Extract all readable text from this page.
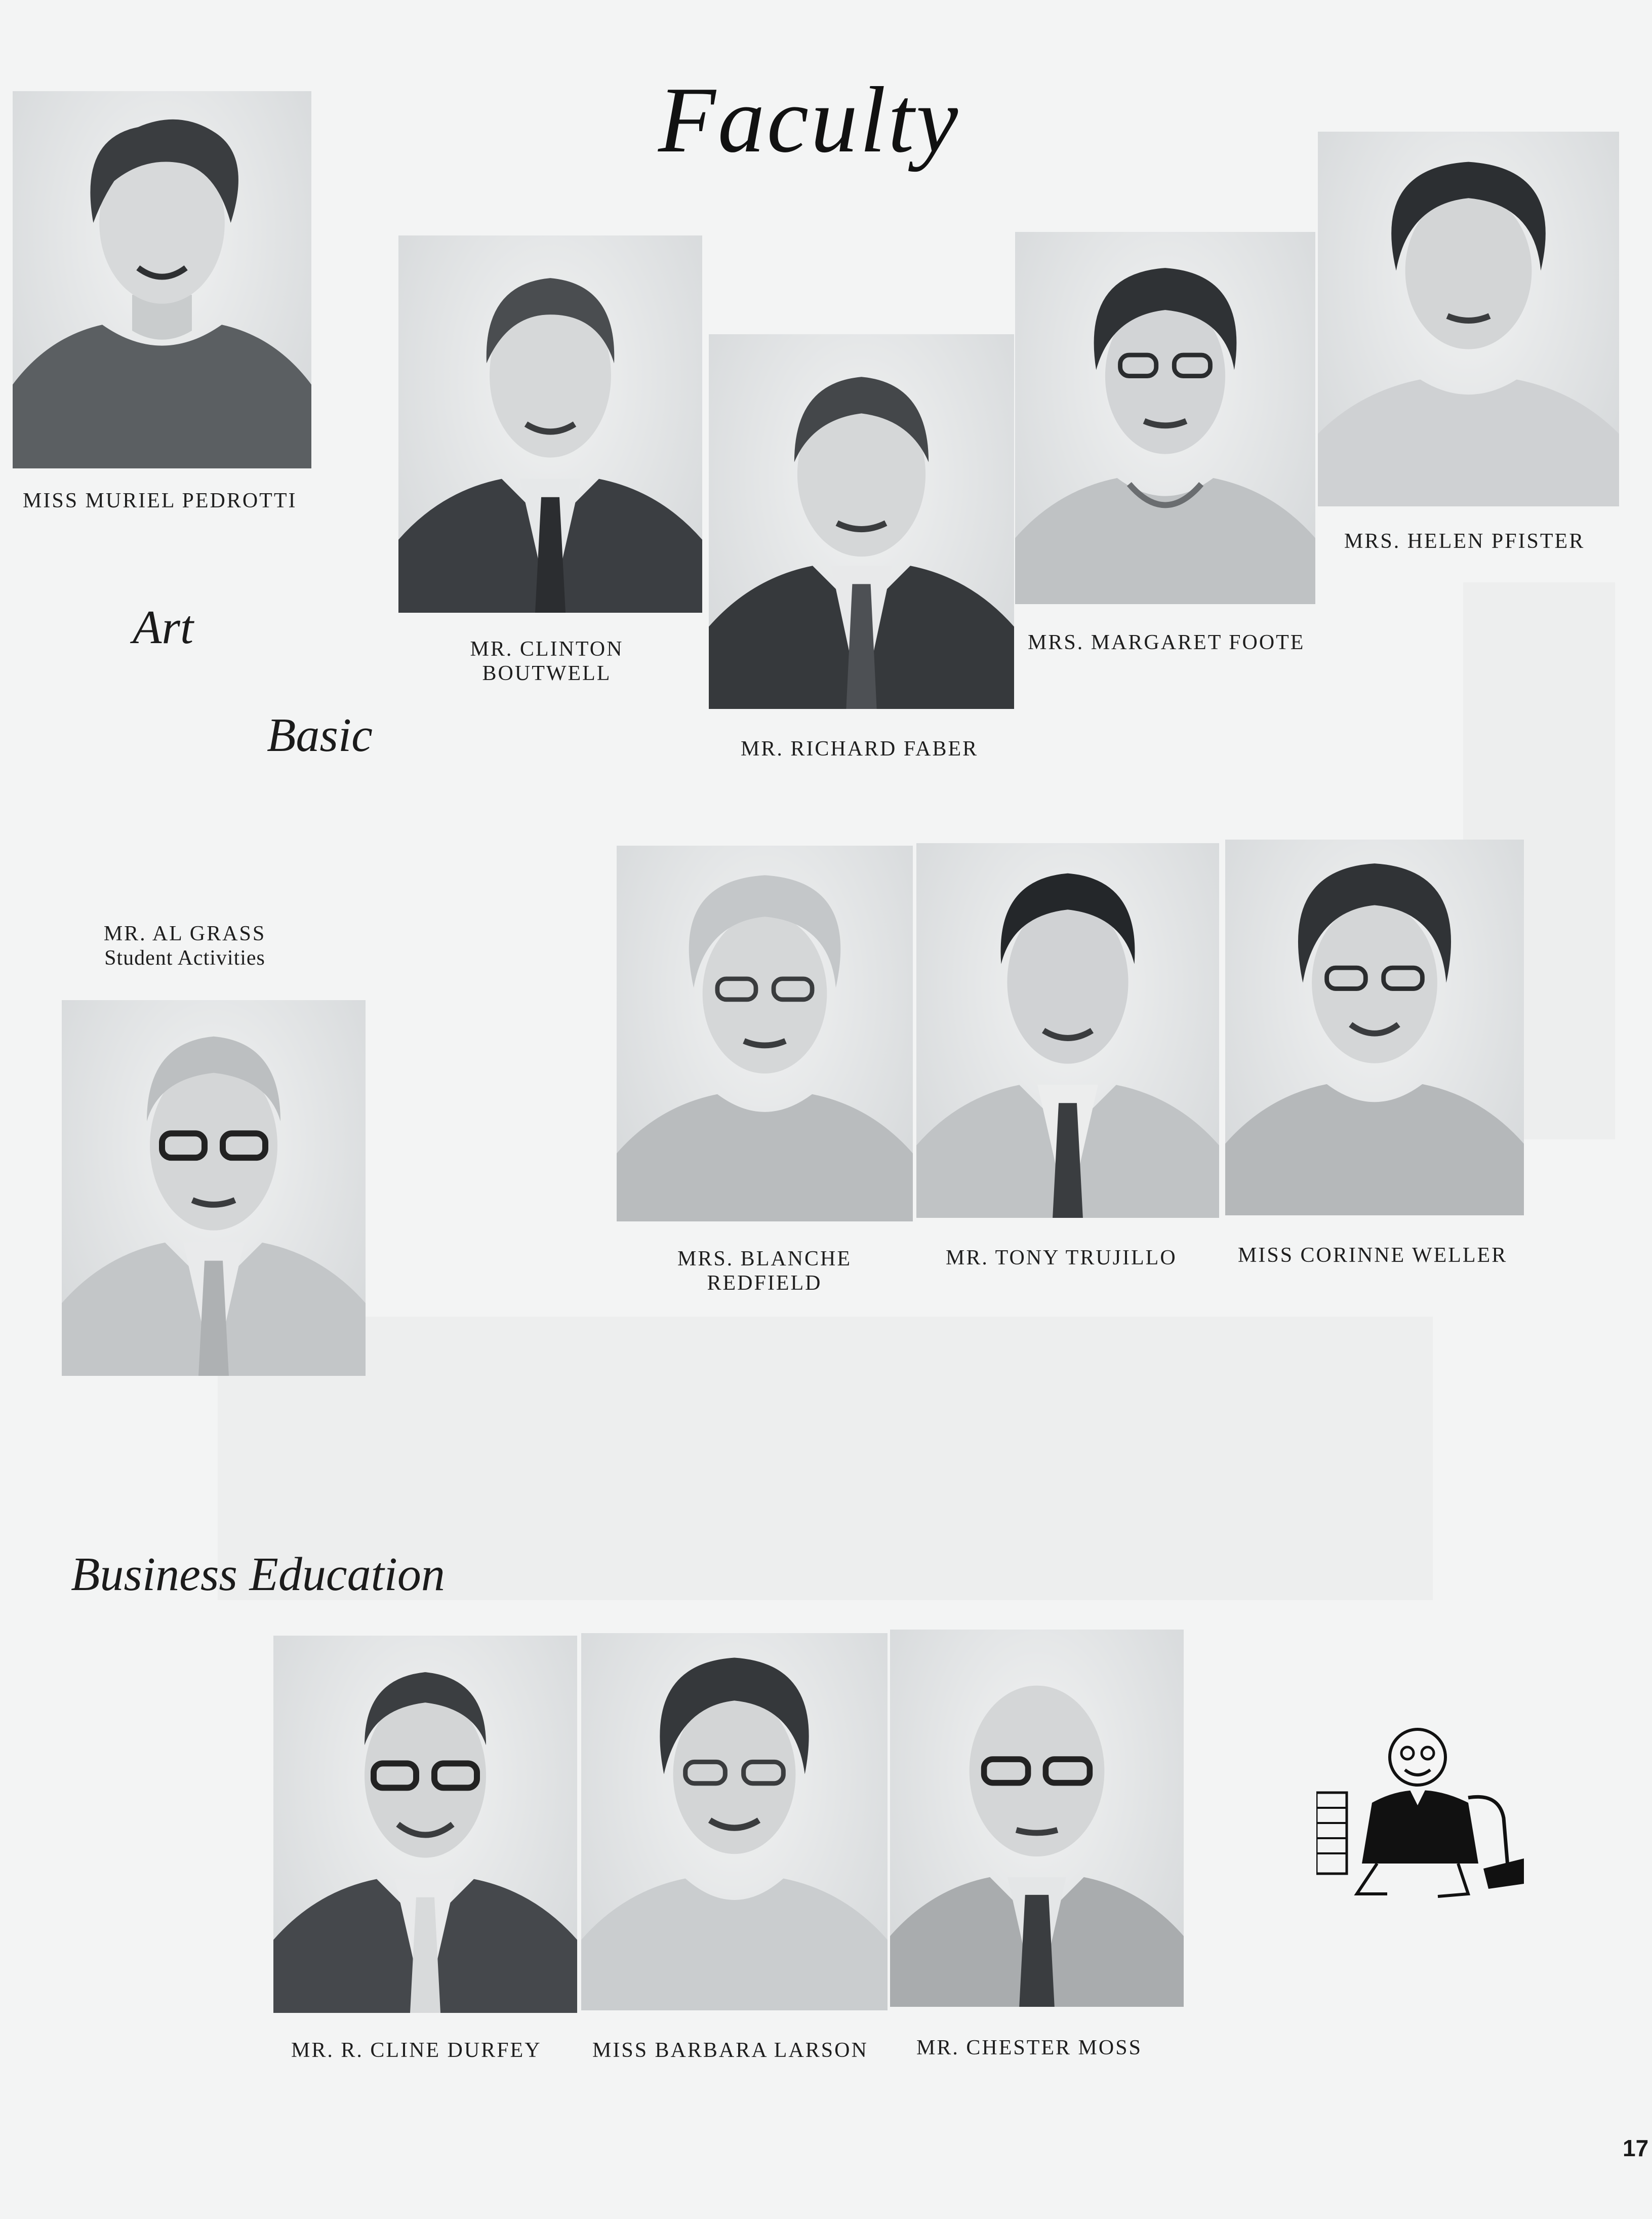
Faculty
Art
Basic
Business Education
MISS MURIEL PEDROTTI
MR. CLINTON
BOUTWELL
MR. RICHARD FABER
MRS. MARGARET FOOTE
MRS. HELEN PFISTER
MR. AL GRASS
Student Activities
MRS. BLANCHE
REDFIELD
MR. TONY TRUJILLO	MISS CORINNE WELLER
MR. R. CLINE DURFEY MISS BARBARA LARSON MR. CHESTER MOSS
17
